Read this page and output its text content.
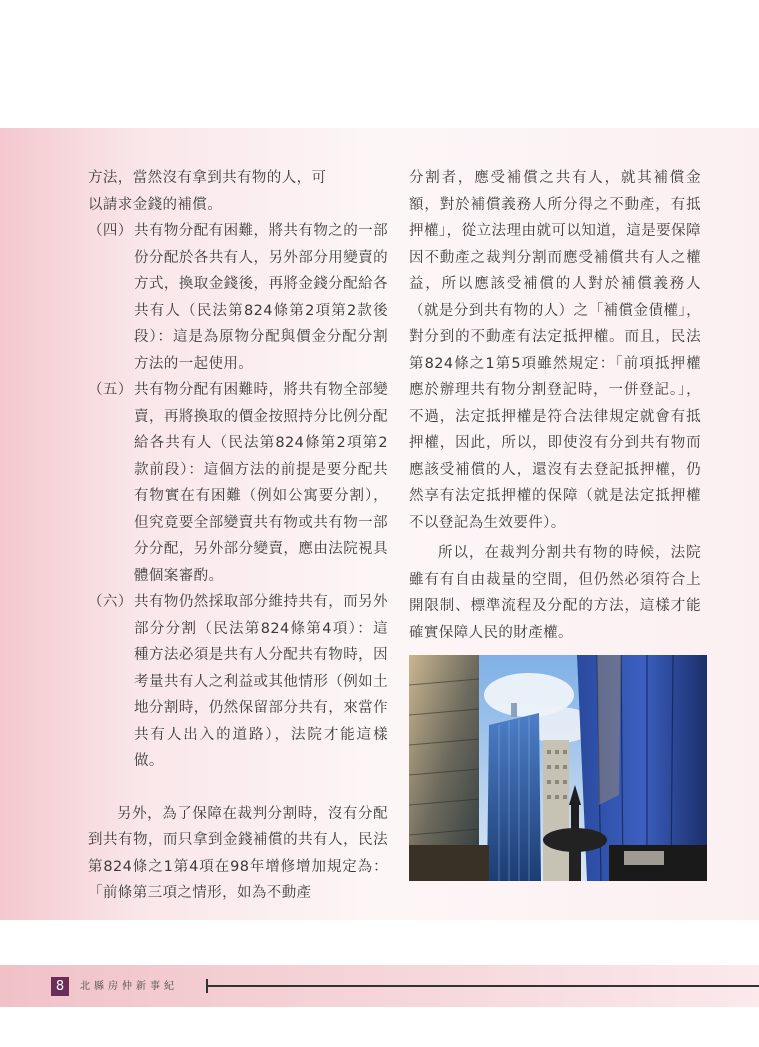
方法，當然沒有拿到共有物的人，可

以請求金錢的補償。

（四） 共有物分配有困難，將共有物之的一部份分配於各共有人，另外部分用變賣的方式，換取金錢後，再將金錢分配給各共有人（民法第824條第2項第2款後段）：這是為原物分配與價金分配分割方法的一起使用。
（五） 共有物分配有困難時，將共有物全部變賣，再將換取的價金按照持分比例分配給各共有人（民法第824條第2項第2款前段）：這個方法的前提是要分配共有物實在有困難（例如公寓要分割），但究竟要全部變賣共有物或共有物一部分分配，另外部分變賣，應由法院視具體個案審酌。
（六） 共有物仍然採取部分維持共有，而另外部分分割（民法第824條第4項）：這種方法必須是共有人分配共有物時，因考量共有人之利益或其他情形（例如土地分割時，仍然保留部分共有，來當作共有人出入的道路），法院才能這樣做。

另外，為了保障在裁判分割時，沒有分配到共有物，而只拿到金錢補償的共有人，民法第824條之1第4項在98年增修增加規定為：「前條第三項之情形，如為不動產

分割者，應受補償之共有人，就其補償金額，對於補償義務人所分得之不動產，有抵押權」，從立法理由就可以知道，這是要保障因不動產之裁判分割而應受補償共有人之權益，所以應該受補償的人對於補償義務人（就是分到共有物的人）之「補償金債權」，對分到的不動產有法定抵押權。而且，民法第824條之1第5項雖然規定：「前項抵押權應於辦理共有物分割登記時，一併登記。」，不過，法定抵押權是符合法律規定就會有抵押權，因此，所以，即使沒有分到共有物而應該受補償的人，還沒有去登記抵押權，仍然享有法定抵押權的保障（就是法定抵押權不以登記為生效要件）。

所以，在裁判分割共有物的時候，法院雖有有自由裁量的空間，但仍然必須符合上開限制、標準流程及分配的方法，這樣才能確實保障人民的財產權。

8	北縣房仲新事紀
